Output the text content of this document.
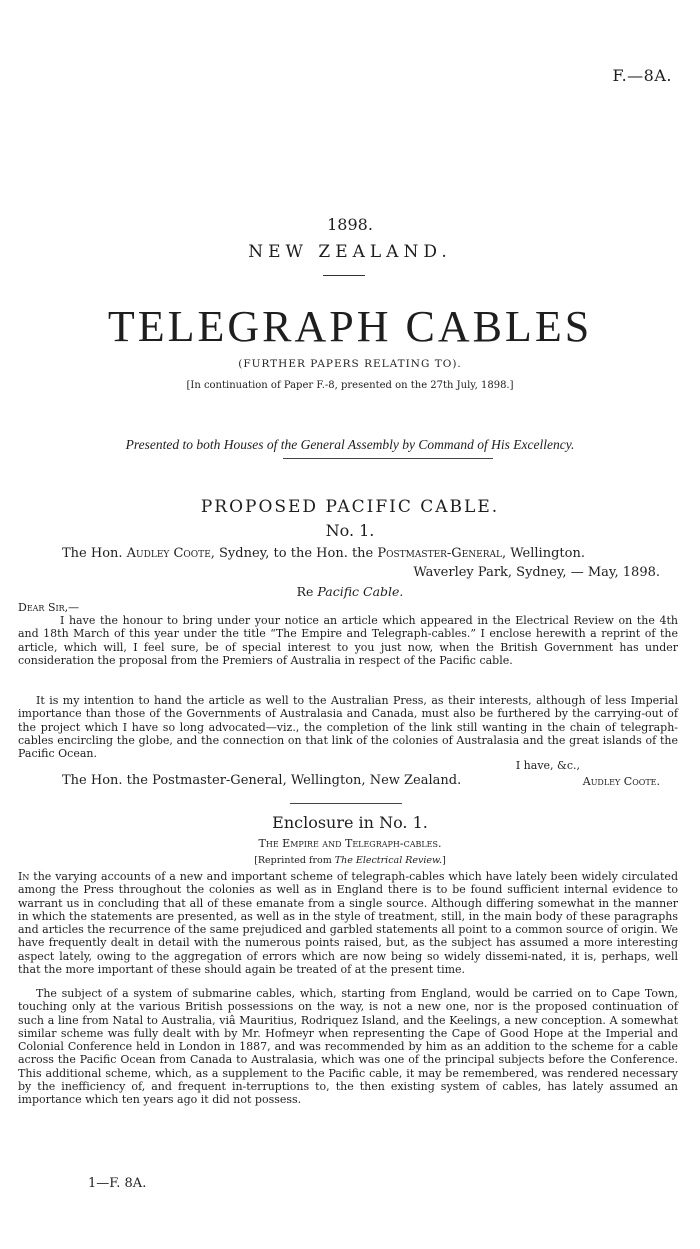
F.—8A.
1898.
NEW ZEALAND.
TELEGRAPH CABLES
(FURTHER PAPERS RELATING TO).
[In continuation of Paper F.-8, presented on the 27th July, 1898.]
Presented to both Houses of the General Assembly by Command of His Excellency.
PROPOSED PACIFIC CABLE.
No. 1.
The Hon. Audley Coote, Sydney, to the Hon. the Postmaster-General, Wellington.
Waverley Park, Sydney, — May, 1898.
Re Pacific Cable.
Dear Sir,—
I have the honour to bring under your notice an article which appeared in the Electrical Review on the 4th and 18th March of this year under the title “The Empire and Telegraph-cables.” I enclose herewith a reprint of the article, which will, I feel sure, be of special interest to you just now, when the British Government has under consideration the proposal from the Premiers of Australia in respect of the Pacific cable.
It is my intention to hand the article as well to the Australian Press, as their interests, although of less Imperial importance than those of the Governments of Australasia and Canada, must also be furthered by the carrying-out of the project which I have so long advocated—viz., the completion of the link still wanting in the chain of telegraph-cables encircling the globe, and the connection on that link of the colonies of Australasia and the great islands of the Pacific Ocean.
I have, &c.,
The Hon. the Postmaster-General, Wellington, New Zealand.	Audley Coote.
Enclosure in No. 1.
The Empire and Telegraph-cables.
[Reprinted from The Electrical Review.]
In the varying accounts of a new and important scheme of telegraph-cables which have lately been widely circulated among the Press throughout the colonies as well as in England there is to be found sufficient internal evidence to warrant us in concluding that all of these emanate from a single source. Although differing somewhat in the manner in which the statements are presented, as well as in the style of treatment, still, in the main body of these paragraphs and articles the recurrence of the same prejudiced and garbled statements all point to a common source of origin. We have frequently dealt in detail with the numerous points raised, but, as the subject has assumed a more interesting aspect lately, owing to the aggregation of errors which are now being so widely dissemi-nated, it is, perhaps, well that the more important of these should again be treated of at the present time.
The subject of a system of submarine cables, which, starting from England, would be carried on to Cape Town, touching only at the various British possessions on the way, is not a new one, nor is the proposed continuation of such a line from Natal to Australia, viâ Mauritius, Rodriquez Island, and the Keelings, a new conception. A somewhat similar scheme was fully dealt with by Mr. Hofmeyr when representing the Cape of Good Hope at the Imperial and Colonial Conference held in London in 1887, and was recommended by him as an addition to the scheme for a cable across the Pacific Ocean from Canada to Australasia, which was one of the principal subjects before the Conference. This additional scheme, which, as a supplement to the Pacific cable, it may be remembered, was rendered necessary by the inefficiency of, and frequent in-terruptions to, the then existing system of cables, has lately assumed an importance which ten years ago it did not possess.
1—F. 8A.
